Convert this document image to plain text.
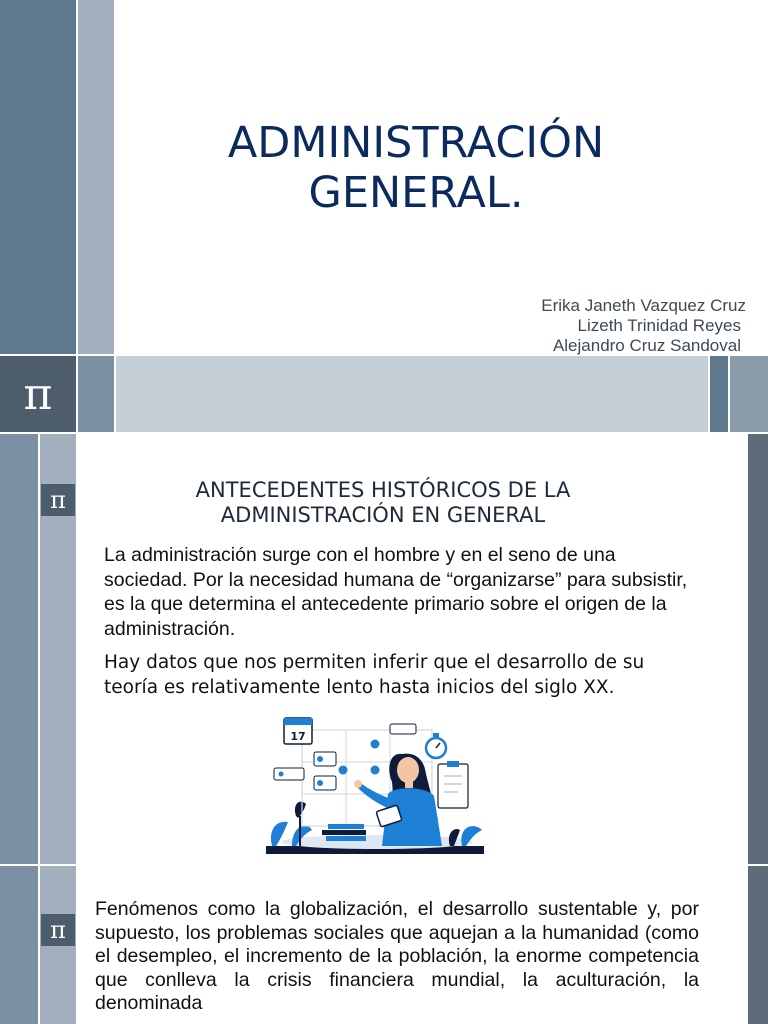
ADMINISTRACIÓN
GENERAL.
Erika Janeth Vazquez Cruz
Lizeth Trinidad Reyes
Alejandro Cruz Sandoval
π
π	ANTECEDENTES HISTÓRICOS DE LA
ADMINISTRACIÓN EN GENERAL
La administración surge con el hombre y en el seno de una sociedad. Por la necesidad humana de “organizarse” para subsistir, es la que determina el antecedente primario sobre el origen de la administración.
Hay datos que nos permiten inferir que el desarrollo de su teoría es relativamente lento hasta inicios del siglo XX.
17
π
Fenómenos como la globalización, el desarrollo sustentable y, por supuesto, los problemas sociales que aquejan a la humanidad (como el desempleo, el incremento de la población, la enorme competencia que conlleva la crisis financiera mundial, la aculturación, la denominada
